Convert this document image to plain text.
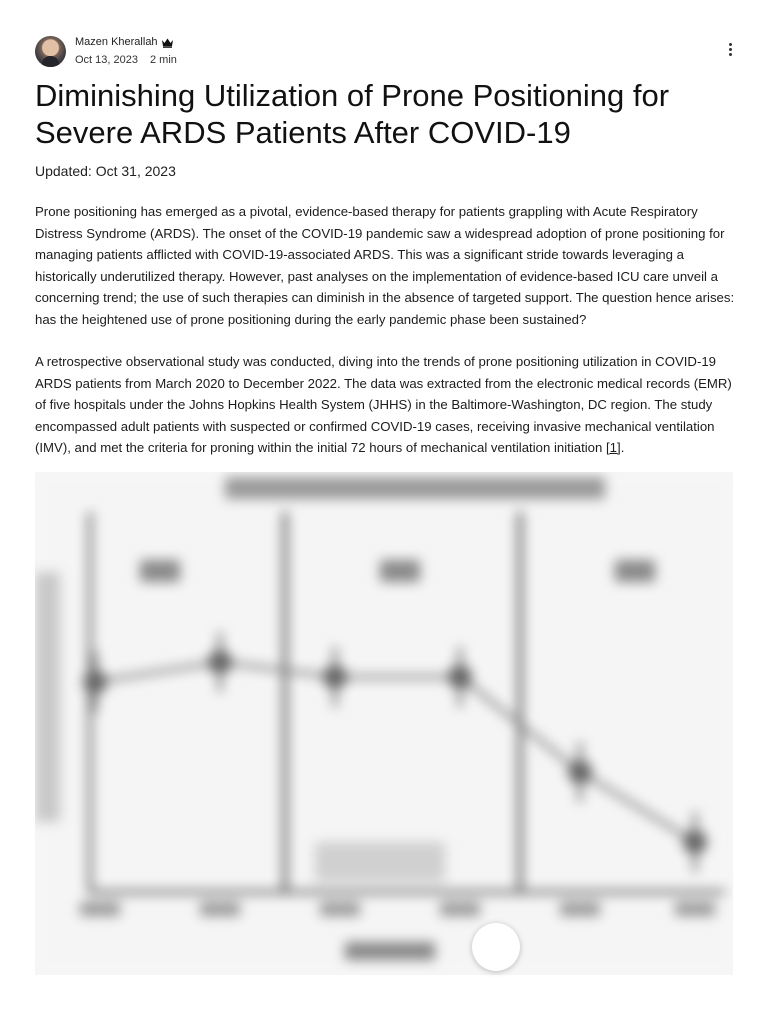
Mazen Kherallah
Oct 13, 2023 2 min
Diminishing Utilization of Prone Positioning for Severe ARDS Patients After COVID-19
Updated: Oct 31, 2023

Prone positioning has emerged as a pivotal, evidence-based therapy for patients grappling with Acute Respiratory Distress Syndrome (ARDS). The onset of the COVID-19 pandemic saw a widespread adoption of prone positioning for managing patients afflicted with COVID-19-associated ARDS. This was a significant stride towards leveraging a historically underutilized therapy. However, past analyses on the implementation of evidence-based ICU care unveil a concerning trend; the use of such therapies can diminish in the absence of targeted support. The question hence arises: has the heightened use of prone positioning during the early pandemic phase been sustained?

A retrospective observational study was conducted, diving into the trends of prone positioning utilization in COVID-19 ARDS patients from March 2020 to December 2022. The data was extracted from the electronic medical records (EMR) of five hospitals under the Johns Hopkins Health System (JHHS) in the Baltimore-Washington, DC region. The study encompassed adult patients with suspected or confirmed COVID-19 cases, receiving invasive mechanical ventilation (IMV), and met the criteria for proning within the initial 72 hours of mechanical ventilation initiation [1].
